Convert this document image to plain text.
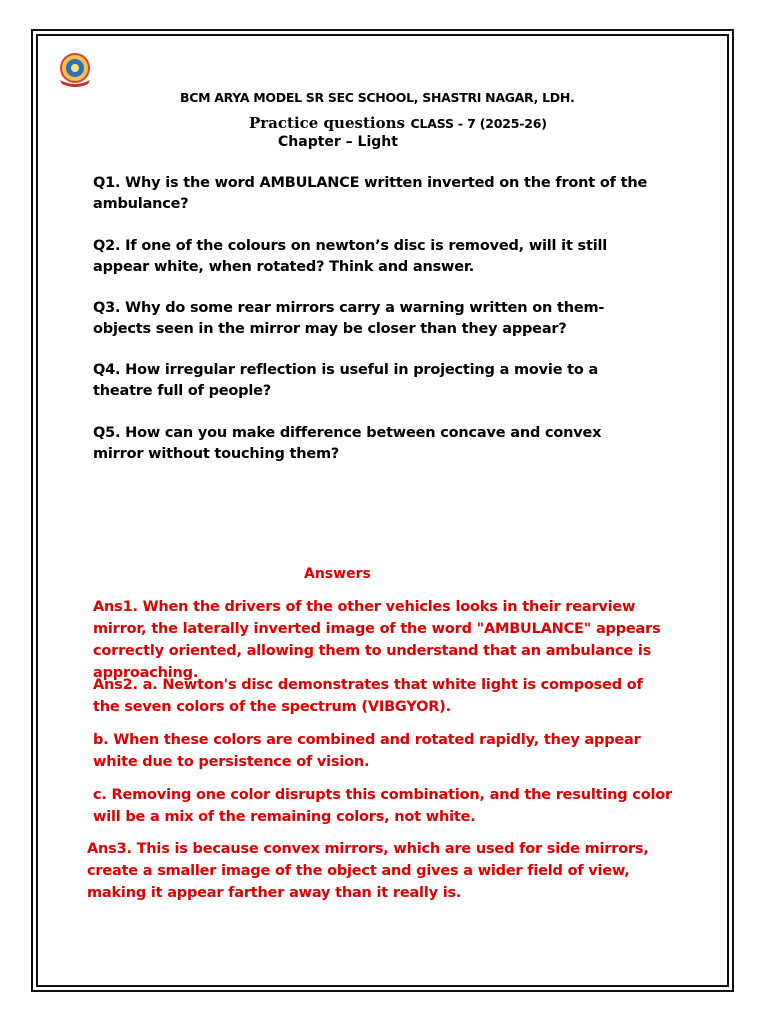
BCM ARYA MODEL SR SEC SCHOOL, SHASTRI NAGAR, LDH.
Practice questions CLASS - 7 (2025-26)
Chapter – Light
Q1. Why is the word AMBULANCE written inverted on the front of the ambulance?
Q2. If one of the colours on newton’s disc is removed, will it still appear white, when rotated? Think and answer.
Q3. Why do some rear mirrors carry a warning written on them-objects seen in the mirror may be closer than they appear?
Q4. How irregular reflection is useful in projecting a movie to a theatre full of people?
Q5. How can you make difference between concave and convex mirror without touching them?
Answers
Ans1. When the drivers of the other vehicles looks in their rearview mirror, the laterally inverted image of the word "AMBULANCE" appears correctly oriented, allowing them to understand that an ambulance is approaching.
Ans2. a. Newton's disc demonstrates that white light is composed of the seven colors of the spectrum (VIBGYOR).
b. When these colors are combined and rotated rapidly, they appear white due to persistence of vision.
c. Removing one color disrupts this combination, and the resulting color will be a mix of the remaining colors, not white.
Ans3. This is because convex mirrors, which are used for side mirrors, create a smaller image of the object and gives a wider field of view, making it appear farther away than it really is.
